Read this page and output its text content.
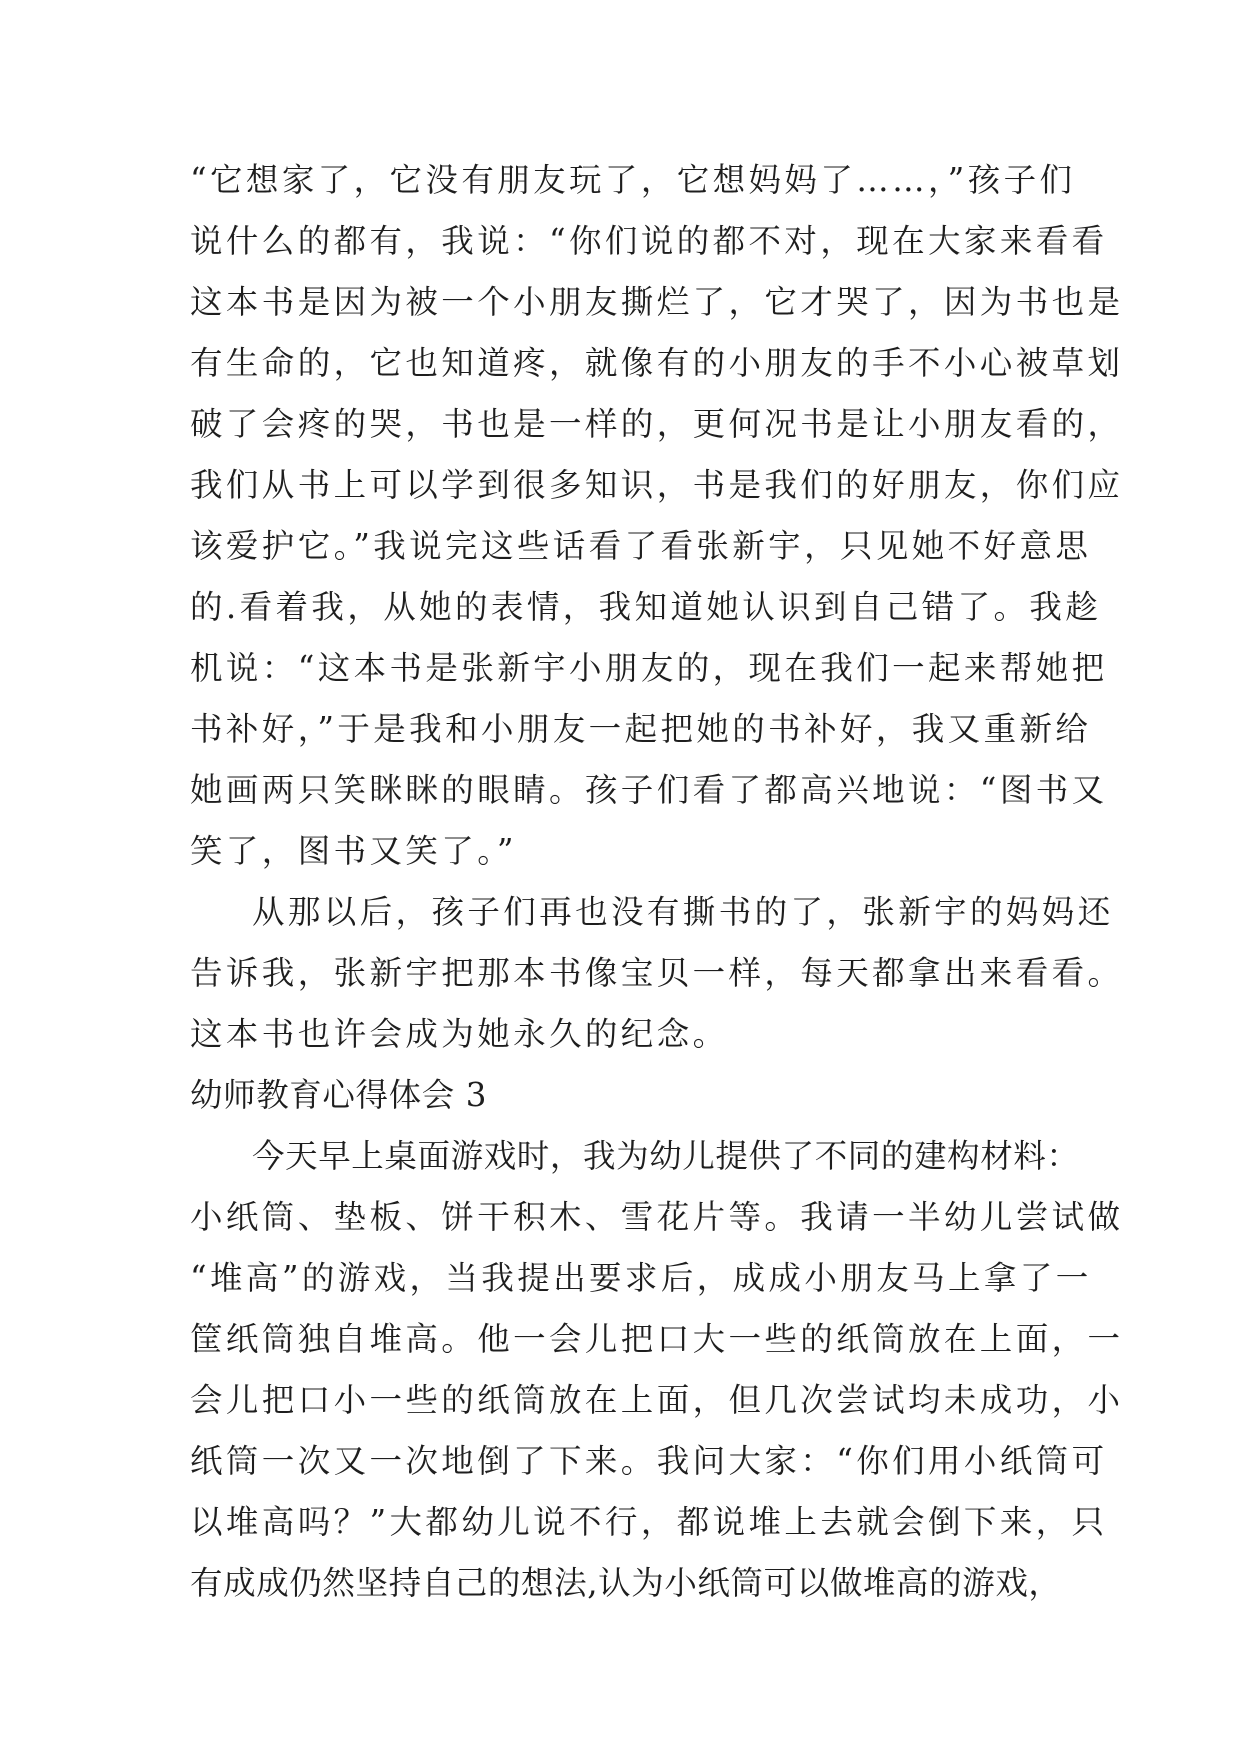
“它想家了，它没有朋友玩了，它想妈妈了……，”孩子们
说什么的都有，我说：“你们说的都不对，现在大家来看看
这本书是因为被一个小朋友撕烂了，它才哭了，因为书也是
有生命的，它也知道疼，就像有的小朋友的手不小心被草划
破了会疼的哭，书也是一样的，更何况书是让小朋友看的，
我们从书上可以学到很多知识，书是我们的好朋友，你们应
该爱护它。”我说完这些话看了看张新宇，只见她不好意思
的.看着我，从她的表情，我知道她认识到自己错了。我趁
机说：“这本书是张新宇小朋友的，现在我们一起来帮她把
书补好，”于是我和小朋友一起把她的书补好，我又重新给
她画两只笑眯眯的眼睛。孩子们看了都高兴地说：“图书又
笑了，图书又笑了。”
从那以后，孩子们再也没有撕书的了，张新宇的妈妈还
告诉我，张新宇把那本书像宝贝一样，每天都拿出来看看。
这本书也许会成为她永久的纪念。
幼师教育心得体会 3
今天早上桌面游戏时，我为幼儿提供了不同的建构材料：
小纸筒、垫板、饼干积木、雪花片等。我请一半幼儿尝试做
“堆高”的游戏，当我提出要求后，成成小朋友马上拿了一
筐纸筒独自堆高。他一会儿把口大一些的纸筒放在上面，一
会儿把口小一些的纸筒放在上面，但几次尝试均未成功，小
纸筒一次又一次地倒了下来。我问大家：“你们用小纸筒可
以堆高吗？”大都幼儿说不行，都说堆上去就会倒下来，只
有成成仍然坚持自己的想法,认为小纸筒可以做堆高的游戏，
